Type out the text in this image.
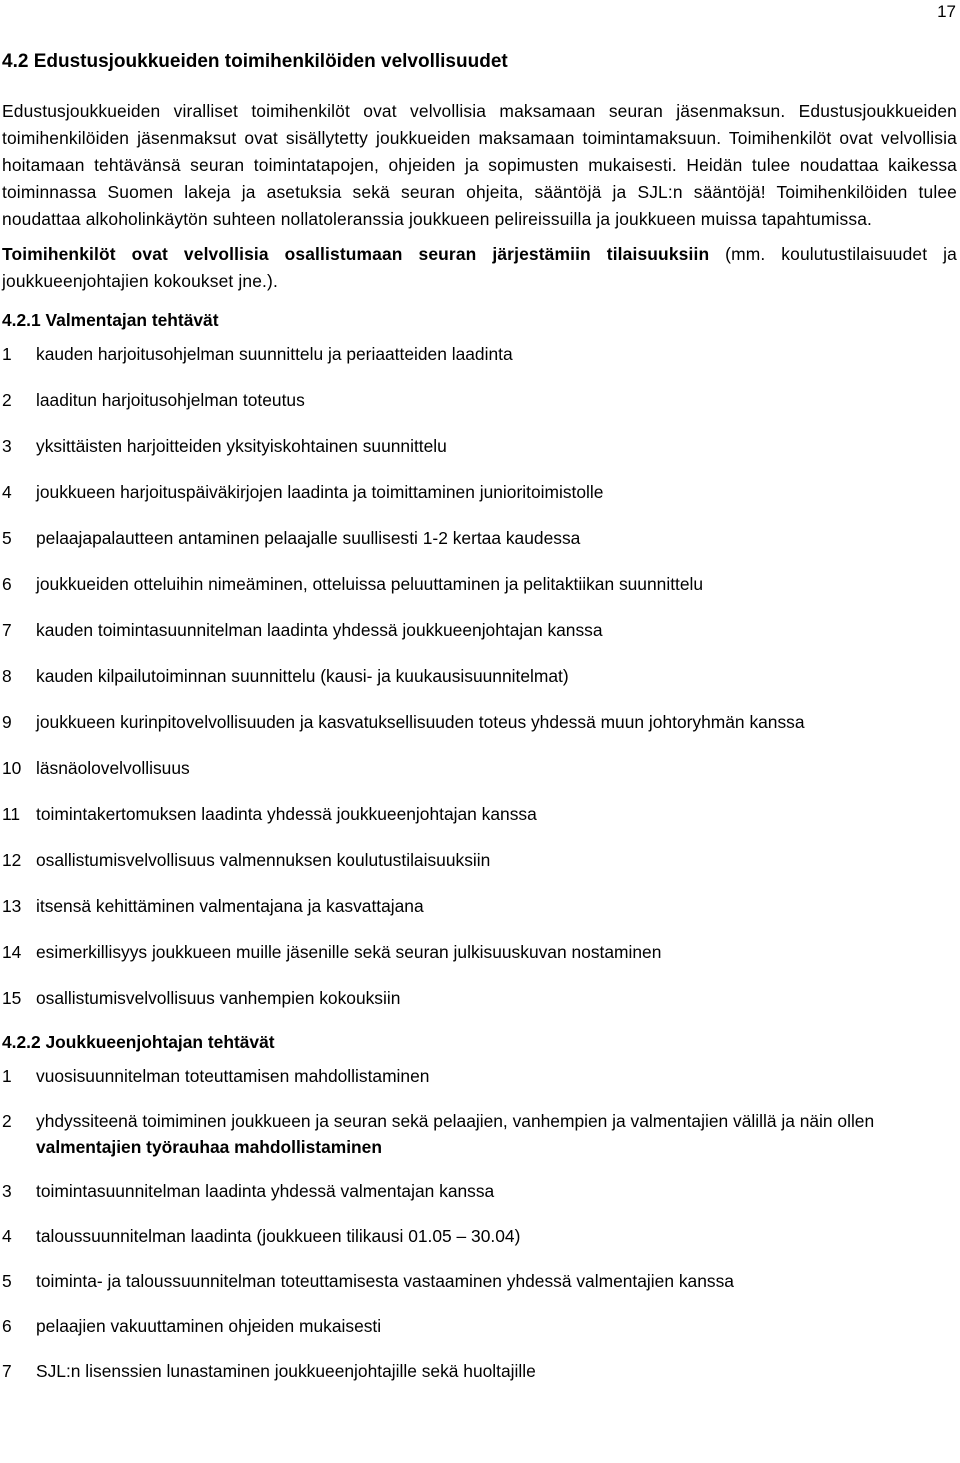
17
4.2 Edustusjoukkueiden toimihenkilöiden velvollisuudet

Edustusjoukkueiden viralliset toimihenkilöt ovat velvollisia maksamaan seuran jäsenmaksun. Edustusjoukkueiden toimihenkilöiden jäsenmaksut ovat sisällytetty joukkueiden maksamaan toimintamaksuun. Toimihenkilöt ovat velvollisia hoitamaan tehtävänsä seuran toimintatapojen, ohjeiden ja sopimusten mukaisesti. Heidän tulee noudattaa kaikessa toiminnassa Suomen lakeja ja asetuksia sekä seuran ohjeita, sääntöjä ja SJL:n sääntöjä! Toimihenkilöiden tulee noudattaa alkoholinkäytön suhteen nollatoleranssia joukkueen pelireissuilla ja joukkueen muissa tapahtumissa.

Toimihenkilöt ovat velvollisia osallistumaan seuran järjestämiin tilaisuuksiin (mm. koulutustilaisuudet ja joukkueenjohtajien kokoukset jne.).

4.2.1 Valmentajan tehtävät
1	kauden harjoitusohjelman suunnittelu ja periaatteiden laadinta
2	laaditun harjoitusohjelman toteutus
3	yksittäisten harjoitteiden yksityiskohtainen suunnittelu
4	joukkueen harjoituspäiväkirjojen laadinta ja toimittaminen junioritoimistolle
5	pelaajapalautteen antaminen pelaajalle suullisesti 1-2 kertaa kaudessa
6	joukkueiden otteluihin nimeäminen, otteluissa peluuttaminen ja pelitaktiikan suunnittelu
7	kauden toimintasuunnitelman laadinta yhdessä joukkueenjohtajan kanssa
8	kauden kilpailutoiminnan suunnittelu (kausi- ja kuukausisuunnitelmat)
9	joukkueen kurinpitovelvollisuuden ja kasvatuksellisuuden toteus yhdessä muun johtoryhmän kanssa
10 läsnäolovelvollisuus
11 toimintakertomuksen laadinta yhdessä joukkueenjohtajan kanssa
12 osallistumisvelvollisuus valmennuksen koulutustilaisuuksiin
13 itsensä kehittäminen valmentajana ja kasvattajana
14 esimerkillisyys joukkueen muille jäsenille sekä seuran julkisuuskuvan nostaminen
15 osallistumisvelvollisuus vanhempien kokouksiin
4.2.2 Joukkueenjohtajan tehtävät
1	vuosisuunnitelman toteuttamisen mahdollistaminen
2	yhdyssiteenä toimiminen joukkueen ja seuran sekä pelaajien, vanhempien ja valmentajien välillä ja näin ollen valmentajien työrauhaa mahdollistaminen
3	toimintasuunnitelman laadinta yhdessä valmentajan kanssa
4	taloussuunnitelman laadinta (joukkueen tilikausi 01.05 – 30.04)
5	toiminta- ja taloussuunnitelman toteuttamisesta vastaaminen yhdessä valmentajien kanssa
6	pelaajien vakuuttaminen ohjeiden mukaisesti
7	SJL:n lisenssien lunastaminen joukkueenjohtajille sekä huoltajille
